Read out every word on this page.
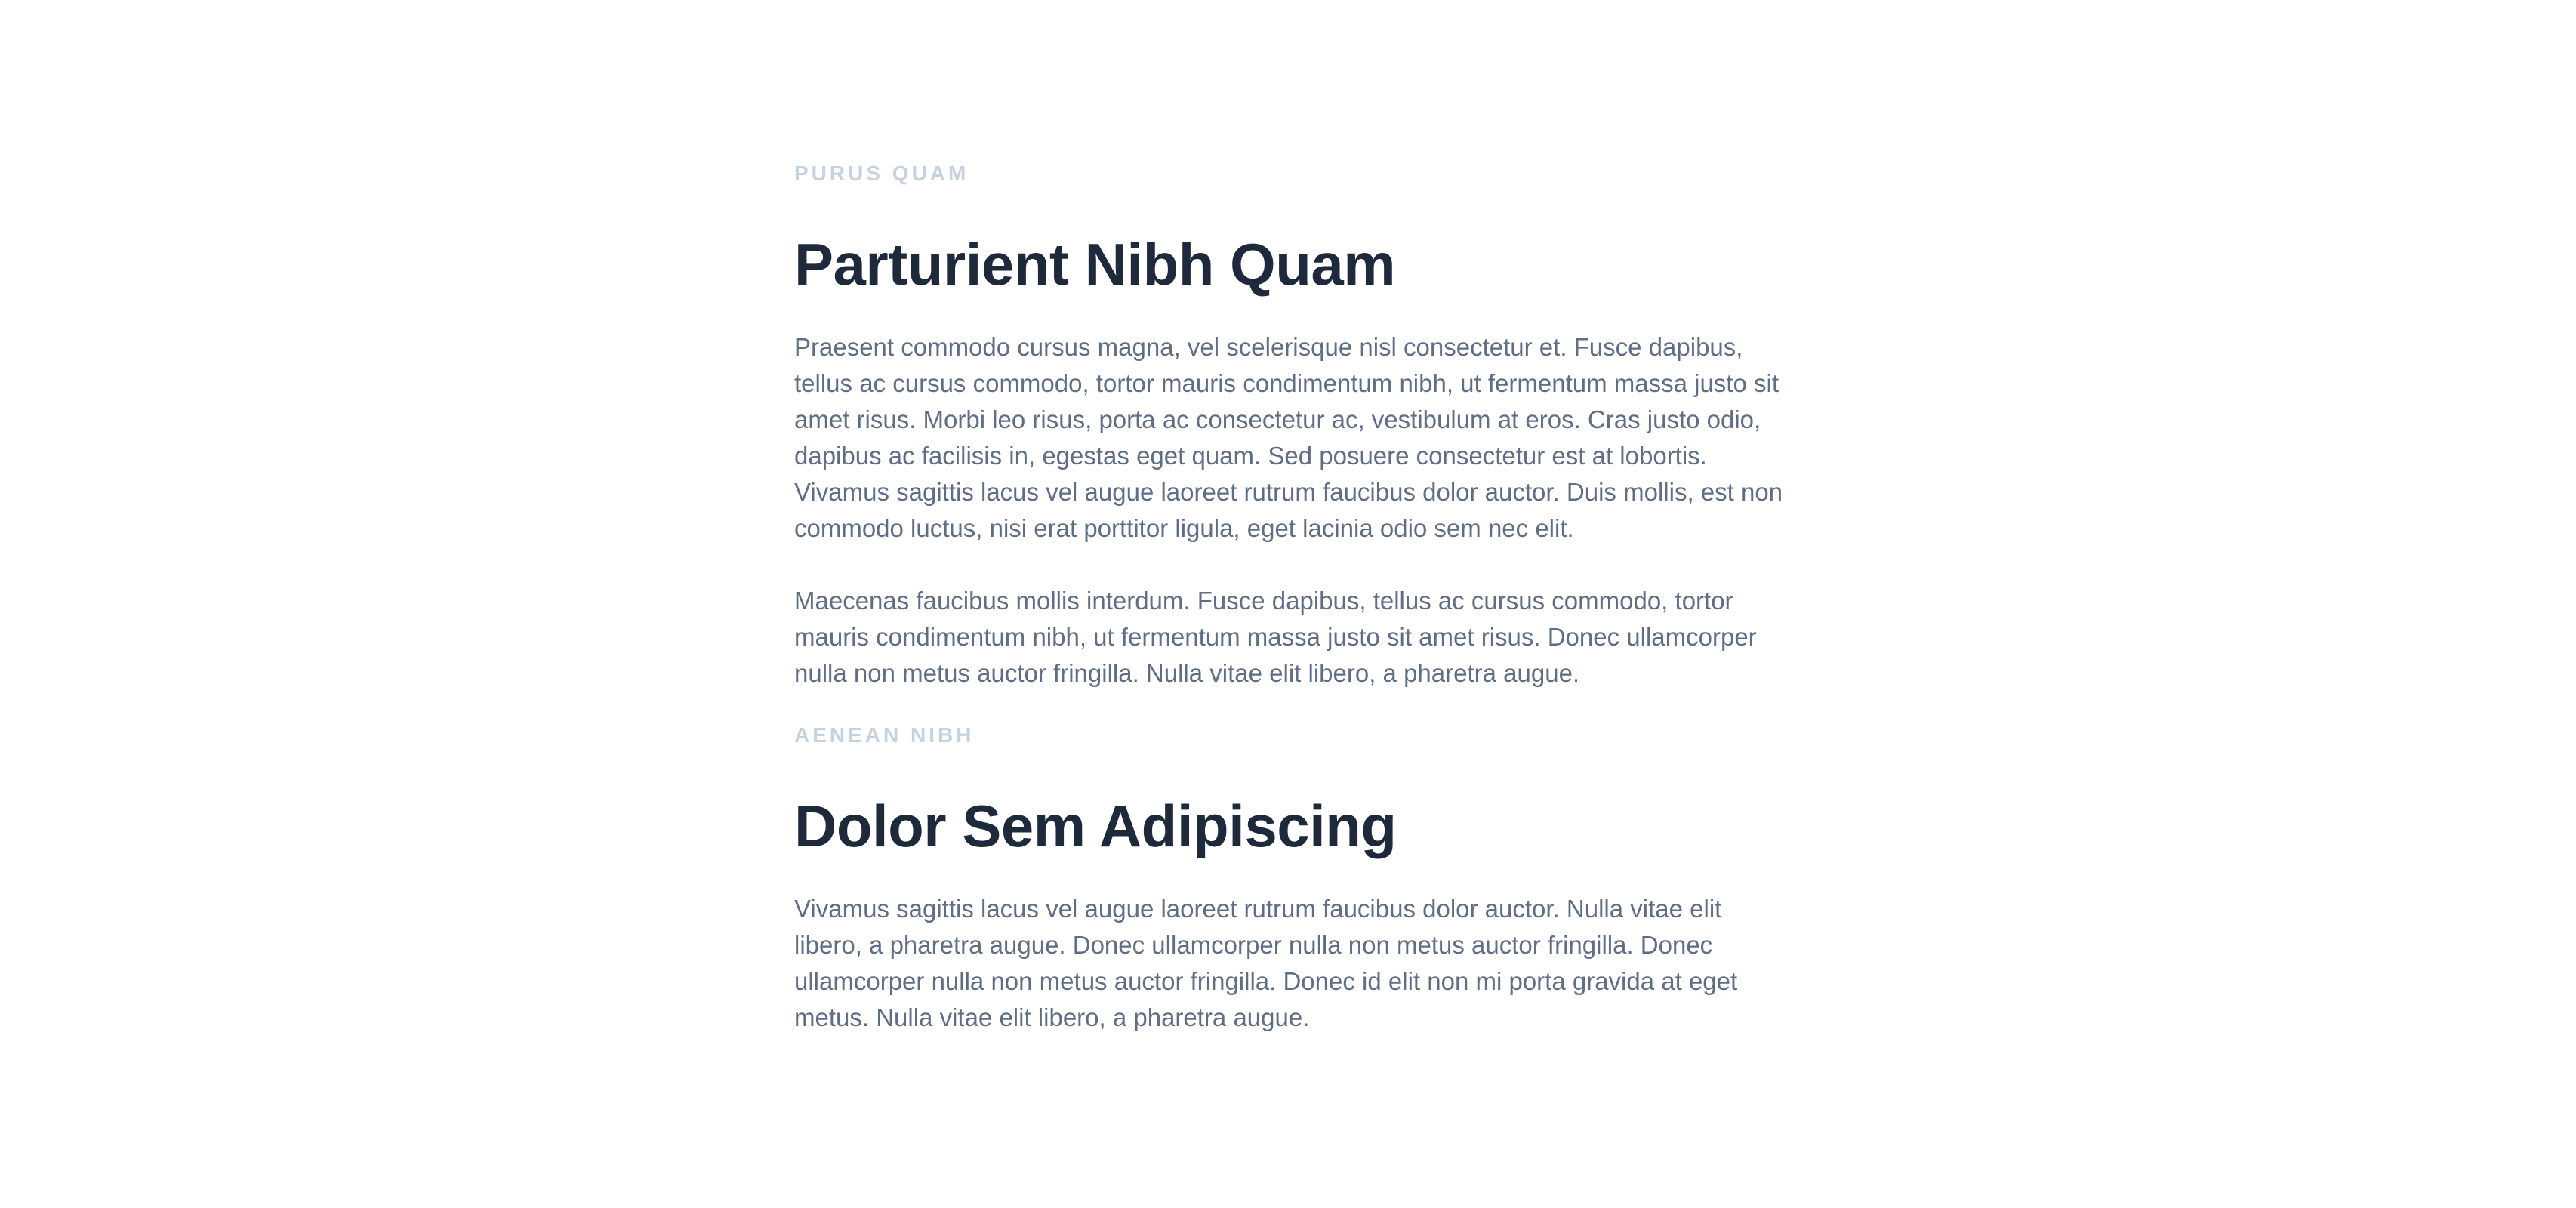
PURUS QUAM

Parturient Nibh Quam

Praesent commodo cursus magna, vel scelerisque nisl consectetur et. Fusce dapibus, tellus ac cursus commodo, tortor mauris condimentum nibh, ut fermentum massa justo sit amet risus. Morbi leo risus, porta ac consectetur ac, vestibulum at eros. Cras justo odio, dapibus ac facilisis in, egestas eget quam. Sed posuere consectetur est at lobortis. Vivamus sagittis lacus vel augue laoreet rutrum faucibus dolor auctor. Duis mollis, est non commodo luctus, nisi erat porttitor ligula, eget lacinia odio sem nec elit.

Maecenas faucibus mollis interdum. Fusce dapibus, tellus ac cursus commodo, tortor mauris condimentum nibh, ut fermentum massa justo sit amet risus. Donec ullamcorper nulla non metus auctor fringilla. Nulla vitae elit libero, a pharetra augue.

AENEAN NIBH

Dolor Sem Adipiscing

Vivamus sagittis lacus vel augue laoreet rutrum faucibus dolor auctor. Nulla vitae elit libero, a pharetra augue. Donec ullamcorper nulla non metus auctor fringilla. Donec ullamcorper nulla non metus auctor fringilla. Donec id elit non mi porta gravida at eget metus. Nulla vitae elit libero, a pharetra augue.
